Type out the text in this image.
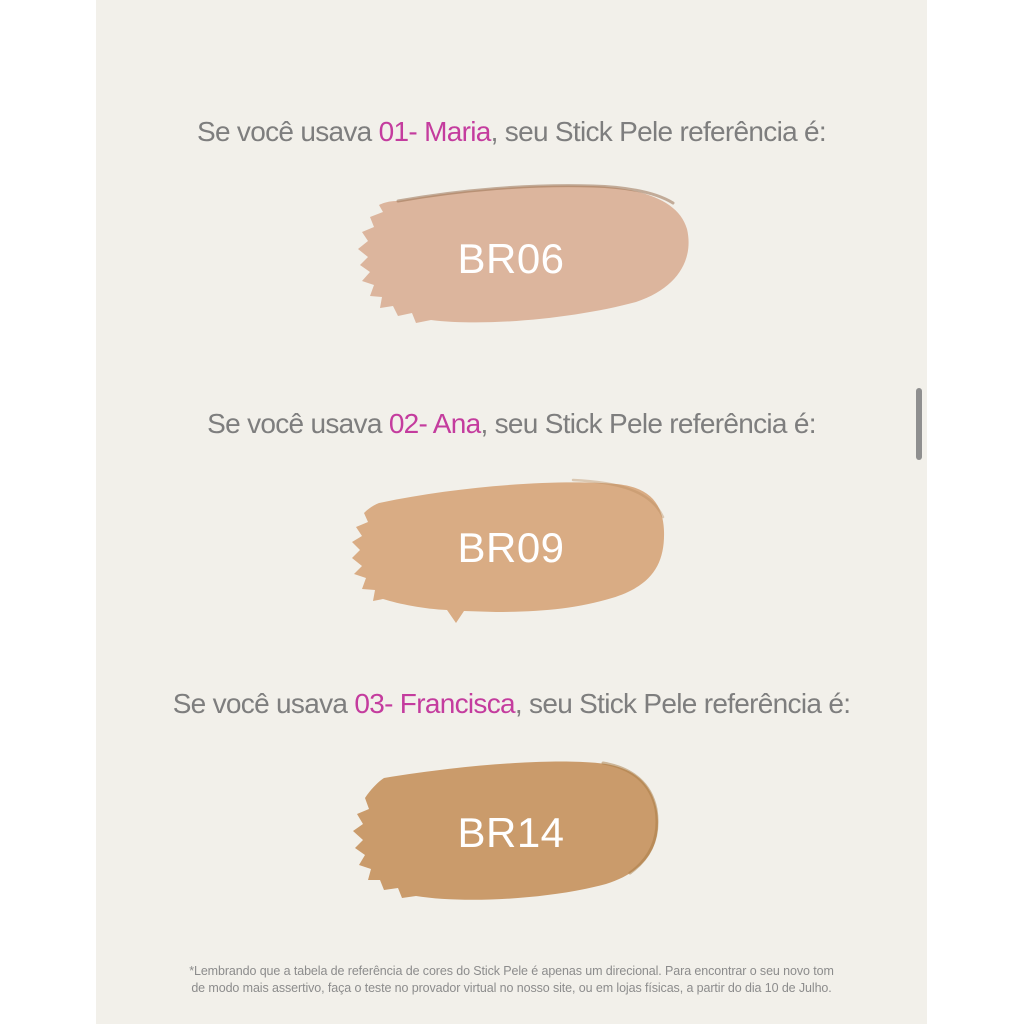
Se você usava 01- Maria, seu Stick Pele referência é:
BR06
Se você usava 02- Ana, seu Stick Pele referência é:
BR09
Se você usava 03- Francisca, seu Stick Pele referência é:
BR14
*Lembrando que a tabela de referência de cores do Stick Pele é apenas um direcional. Para encontrar o seu novo tom
de modo mais assertivo, faça o teste no provador virtual no nosso site, ou em lojas físicas, a partir do dia 10 de Julho.
